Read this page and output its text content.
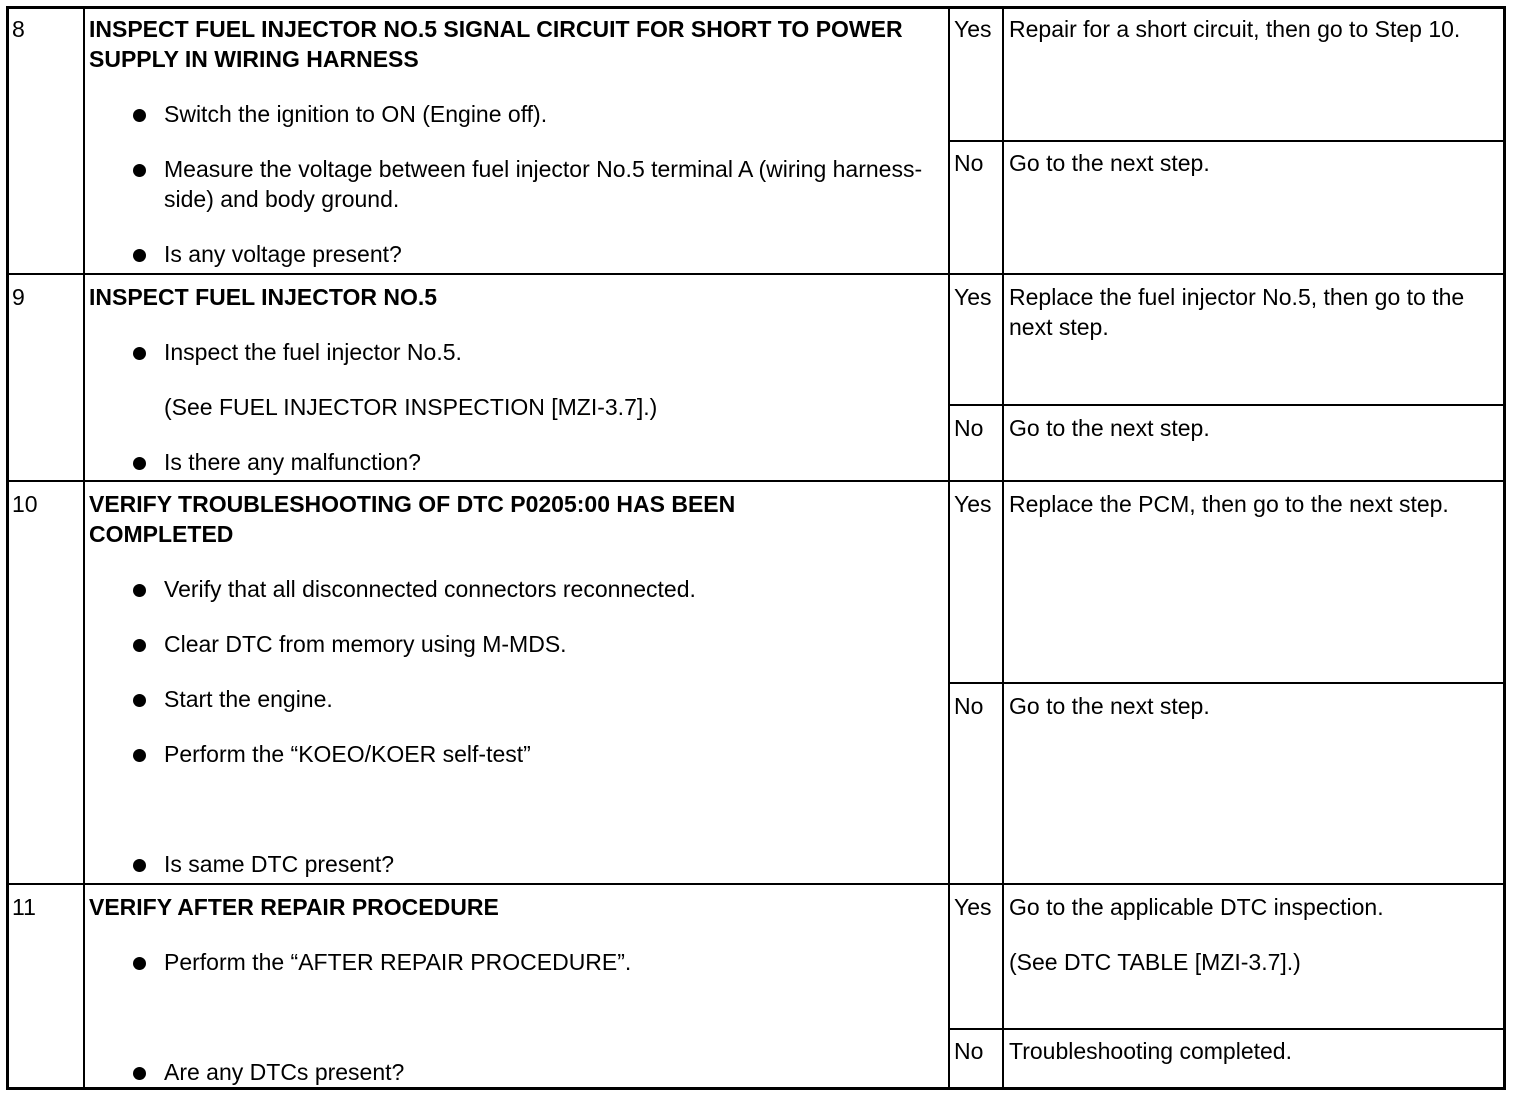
8	INSPECT FUEL INJECTOR NO.5 SIGNAL CIRCUIT FOR SHORT TO POWER SUPPLY IN WIRING HARNESS
Switch the ignition to ON (Engine off).
Measure the voltage between fuel injector No.5 terminal A (wiring harness-side) and body ground.
Is any voltage present?
Yes Repair for a short circuit, then go to Step 10.
No Go to the next step.
9	INSPECT FUEL INJECTOR NO.5
Inspect the fuel injector No.5.
(See FUEL INJECTOR INSPECTION [MZI-3.7].)
Is there any malfunction?
Yes Replace the fuel injector No.5, then go to the next step.
No Go to the next step.
10 VERIFY TROUBLESHOOTING OF DTC P0205:00 HAS BEEN COMPLETED
Verify that all disconnected connectors reconnected.
Clear DTC from memory using M-MDS.
Start the engine.
Perform the “KOEO/KOER self-test”
Is same DTC present?
Yes Replace the PCM, then go to the next step.
No Go to the next step.
11 VERIFY AFTER REPAIR PROCEDURE
Perform the “AFTER REPAIR PROCEDURE”.
Are any DTCs present?
Yes Go to the applicable DTC inspection.
(See DTC TABLE [MZI-3.7].)
No Troubleshooting completed.
